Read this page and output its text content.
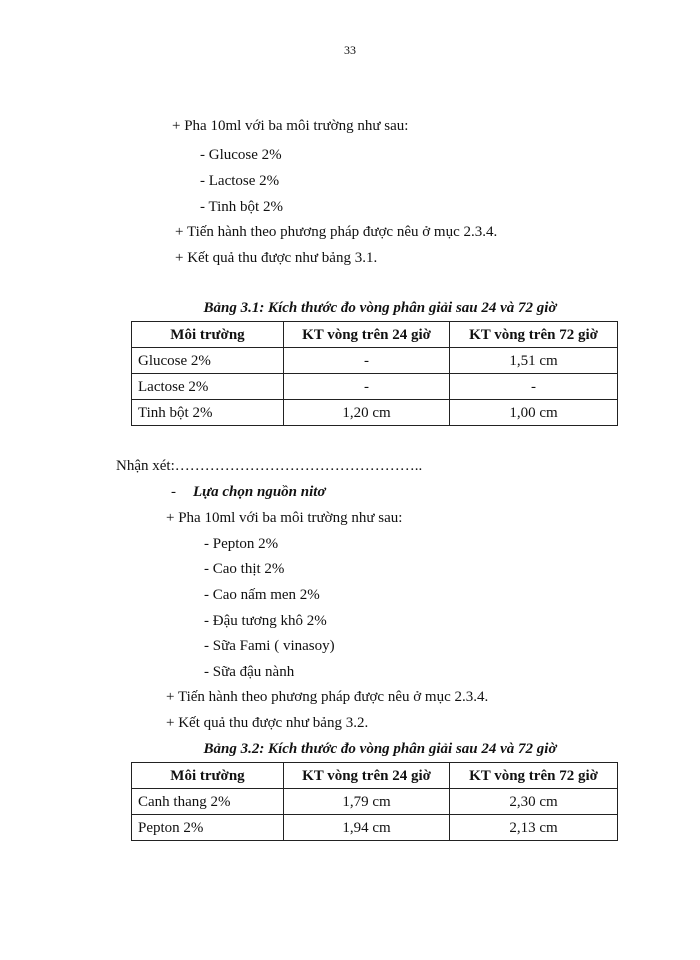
33
+ Pha 10ml với ba môi trường như sau:
- Glucose 2%
- Lactose 2%
- Tinh bột 2%
+ Tiến hành theo phương pháp được nêu ở mục 2.3.4.
+ Kết quả thu được như bảng 3.1.
Bảng 3.1: Kích thước đo vòng phân giải sau 24 và 72 giờ
Môi trường	KT vòng trên 24 giờ	KT vòng trên 72 giờ
Glucose 2%	-	1,51 cm
Lactose 2%	-	-
Tinh bột 2%	1,20 cm	1,00 cm
Nhận xét:…………………………………………..
- Lựa chọn nguồn nitơ
+ Pha 10ml với ba môi trường như sau:
- Pepton 2%
- Cao thịt 2%
- Cao nấm men 2%
- Đậu tương khô 2%
- Sữa Fami ( vinasoy)
- Sữa đậu nành
+ Tiến hành theo phương pháp được nêu ở mục 2.3.4.
+ Kết quả thu được như bảng 3.2.
Bảng 3.2: Kích thước đo vòng phân giải sau 24 và 72 giờ
Môi trường	KT vòng trên 24 giờ	KT vòng trên 72 giờ
Canh thang 2%	1,79 cm	2,30 cm
Pepton 2%	1,94 cm	2,13 cm
